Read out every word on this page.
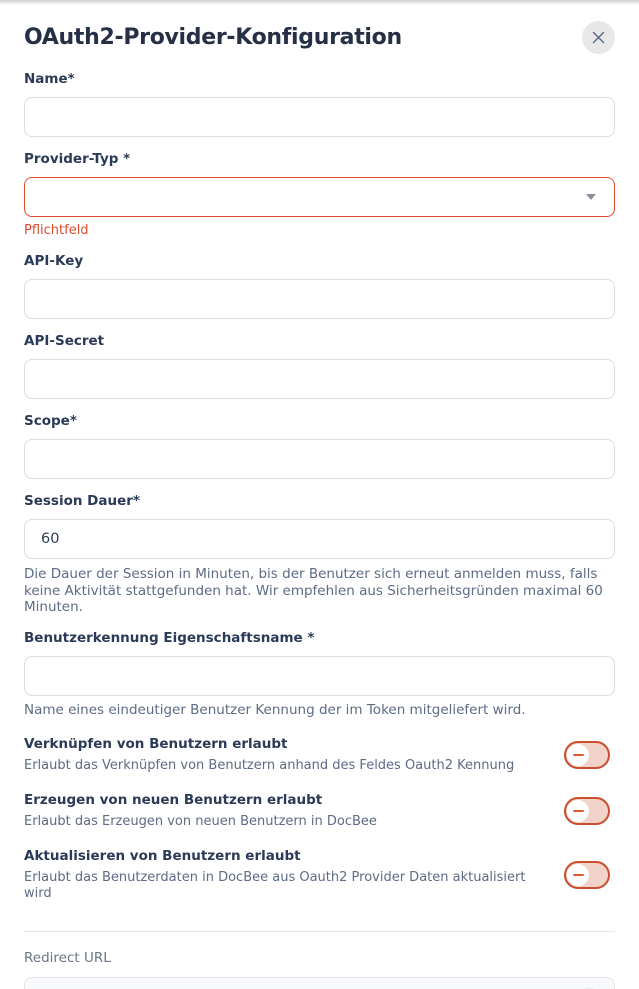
OAuth2-Provider-Konfiguration
Name*
Provider-Typ *
Pflichtfeld
API-Key
API-Secret
Scope*
Session Dauer*
60
Die Dauer der Session in Minuten, bis der Benutzer sich erneut anmelden muss, falls keine Aktivität stattgefunden hat. Wir empfehlen aus Sicherheitsgründen maximal 60 Minuten.
Benutzerkennung Eigenschaftsname *
Name eines eindeutiger Benutzer Kennung der im Token mitgeliefert wird.
Verknüpfen von Benutzern erlaubt
Erlaubt das Verknüpfen von Benutzern anhand des Feldes Oauth2 Kennung
Erzeugen von neuen Benutzern erlaubt
Erlaubt das Erzeugen von neuen Benutzern in DocBee
Aktualisieren von Benutzern erlaubt
Erlaubt das Benutzerdaten in DocBee aus Oauth2 Provider Daten aktualisiert wird
Redirect URL
